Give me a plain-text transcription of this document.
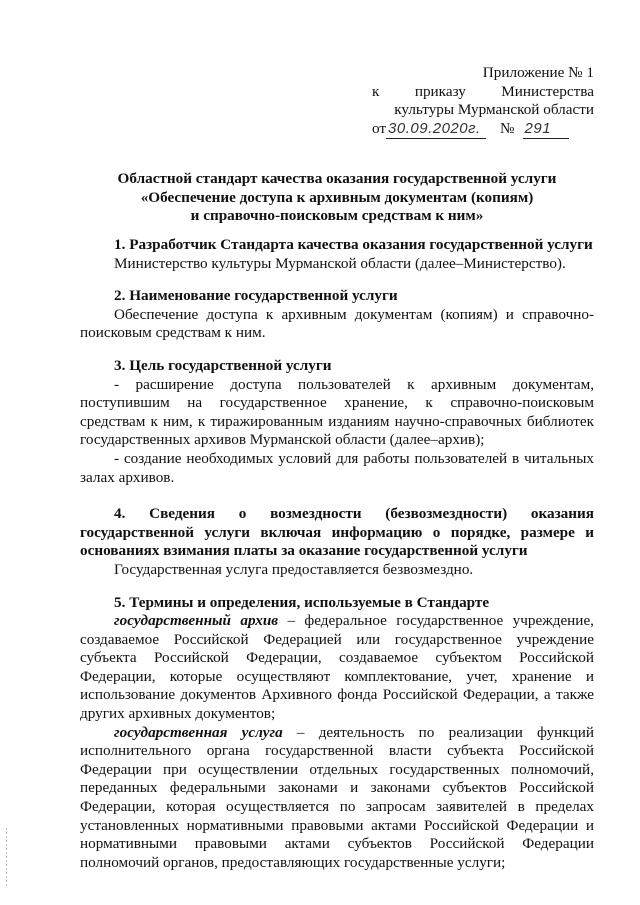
Приложение № 1
к приказу Министерства
культуры Мурманской области
от 30.09.2020г.	№ 291
Областной стандарт качества оказания государственной услуги
«Обеспечение доступа к архивным документам (копиям)
и справочно-поисковым средствам к ним»
1. Разработчик Стандарта качества оказания государственной услуги
Министерство культуры Мурманской области (далее–Министерство).
2. Наименование государственной услуги
Обеспечение доступа к архивным документам (копиям) и справочно-поисковым средствам к ним.
3. Цель государственной услуги
- расширение доступа пользователей к архивным документам, поступившим на государственное хранение, к справочно-поисковым средствам к ним, к тиражированным изданиям научно-справочных библиотек государственных архивов Мурманской области (далее–архив);
- создание необходимых условий для работы пользователей в читальных залах архивов.
4. Сведения о возмездности (безвозмездности) оказания государственной услуги включая информацию о порядке, размере и основаниях взимания платы за оказание государственной услуги
Государственная услуга предоставляется безвозмездно.
5. Термины и определения, используемые в Стандарте
государственный архив – федеральное государственное учреждение, создаваемое Российской Федерацией или государственное учреждение субъекта Российской Федерации, создаваемое субъектом Российской Федерации, которые осуществляют комплектование, учет, хранение и использование документов Архивного фонда Российской Федерации, а также других архивных документов;
государственная услуга – деятельность по реализации функций исполнительного органа государственной власти субъекта Российской Федерации при осуществлении отдельных государственных полномочий, переданных федеральными законами и законами субъектов Российской Федерации, которая осуществляется по запросам заявителей в пределах установленных нормативными правовыми актами Российской Федерации и нормативными правовыми актами субъектов Российской Федерации полномочий органов, предоставляющих государственные услуги;
